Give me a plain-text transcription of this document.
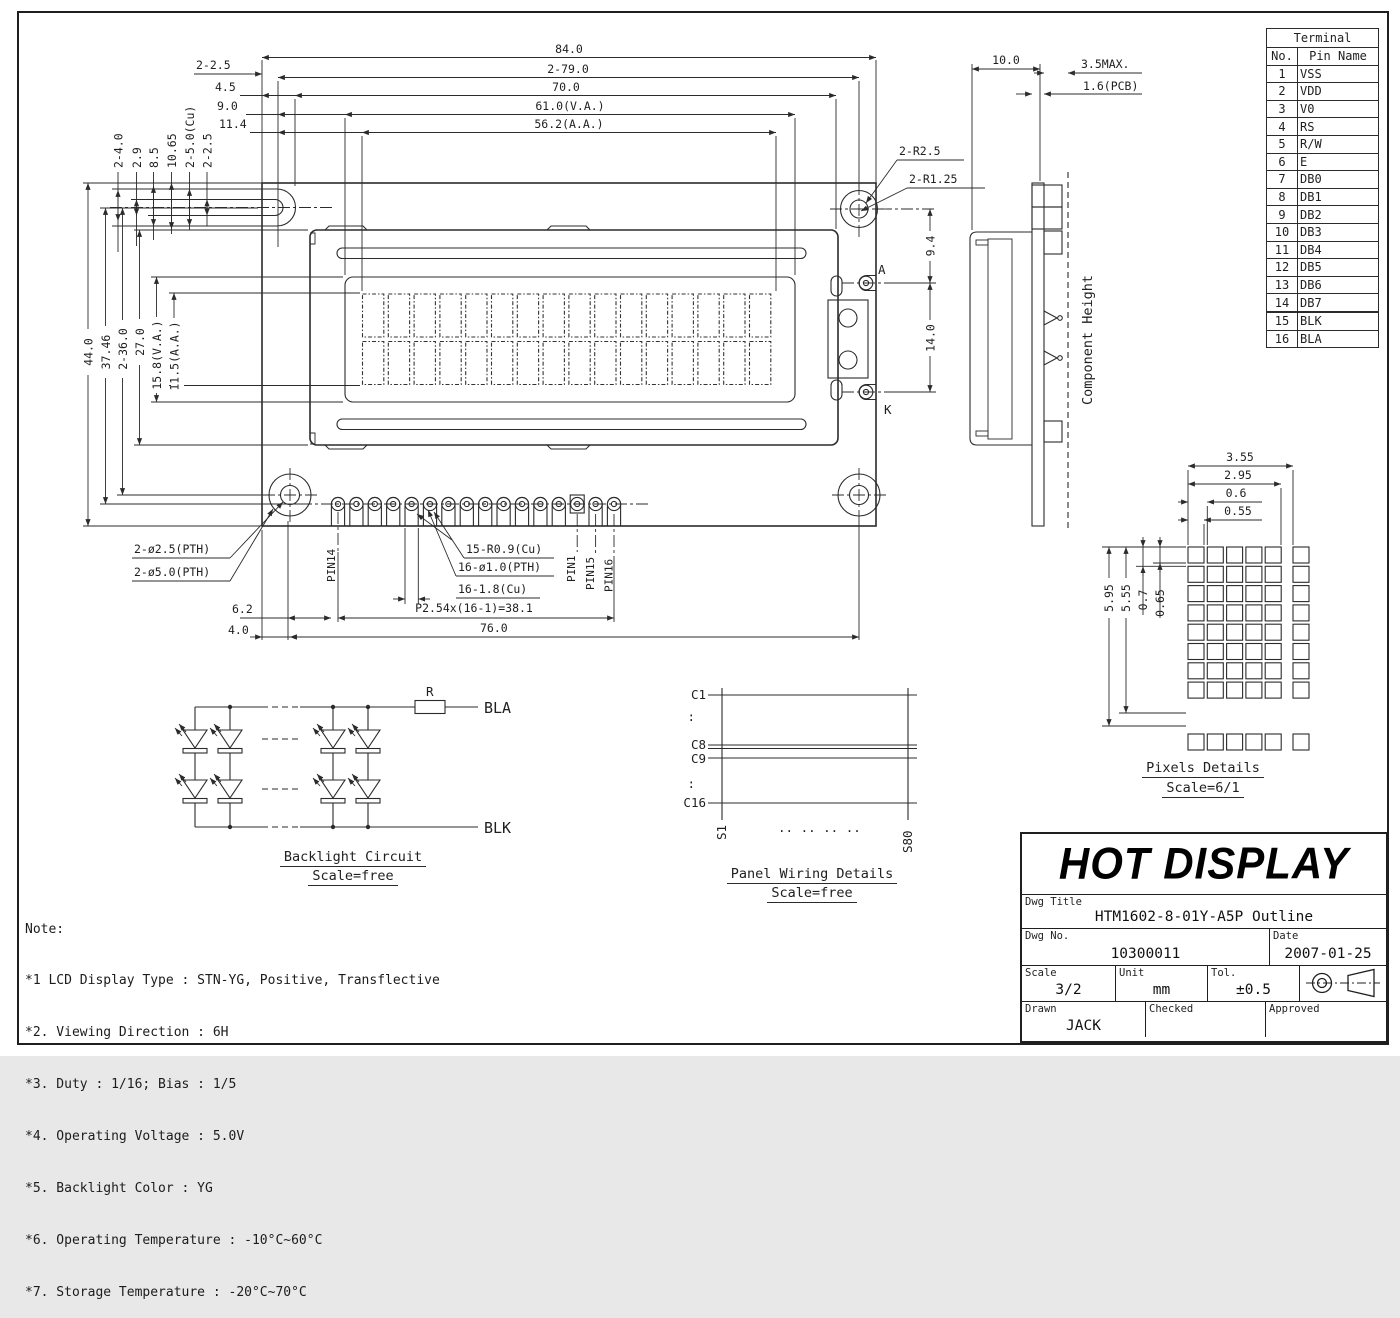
84.0
2-79.0
70.0
61.0(V.A.)
56.2(A.A.)
2-2.5
4.5
9.0
11.4
2-4.0 2.9 8.5 10.65 2-5.0(Cu) 2-2.5
44.0 37.46 2-36.0 27.0 15.8(V.A.) 11.5(A.A.)
9.4
14.0
A
K
2-R2.5
2-R1.25
2-ø2.5(PTH)
2-ø5.0(PTH)
15-R0.9(Cu)
16-ø1.0(PTH)
16-1.8(Cu)
P2.54x(16-1)=38.1
6.2
4.0	76.0
PIN14	PIN1 PIN15 PIN16
10.0	3.5MAX.
1.6(PCB)
Component Height
3.55
2.95
0.6
0.55
5.95 5.55 0.7 0.65
R
BLA
BLK
C1
:
C8
C9
:
C16
S1	S80
.. .. .. ..
Backlight Circuit
Scale=free	Panel Wiring Details
Scale=free
Pixels Details
Scale=6/1
Terminal	
No.	Pin Name
1	VSS
2	VDD
3	V0
4	RS
5	R/W
6	E
7	DB0
8	DB1
9	DB2
10	DB3
11	DB4
12	DB5
13	DB6
14	DB7
15	BLK
16	BLA

Note:

*1 LCD Display Type : STN-YG, Positive, Transflective

*2. Viewing Direction : 6H

*3. Duty : 1/16; Bias : 1/5

*4. Operating Voltage : 5.0V

*5. Backlight Color : YG

*6. Operating Temperature : -10°C~60°C

*7. Storage Temperature : -20°C~70°C

HOT DISPLAY
Dwg Title
HTM1602-8-01Y-A5P Outline
Dwg No.
10300011
Date
2007-01-25
Scale
3/2
Unit
mm
Tol.
±0.5
Drawn
JACK
Checked	Approved
